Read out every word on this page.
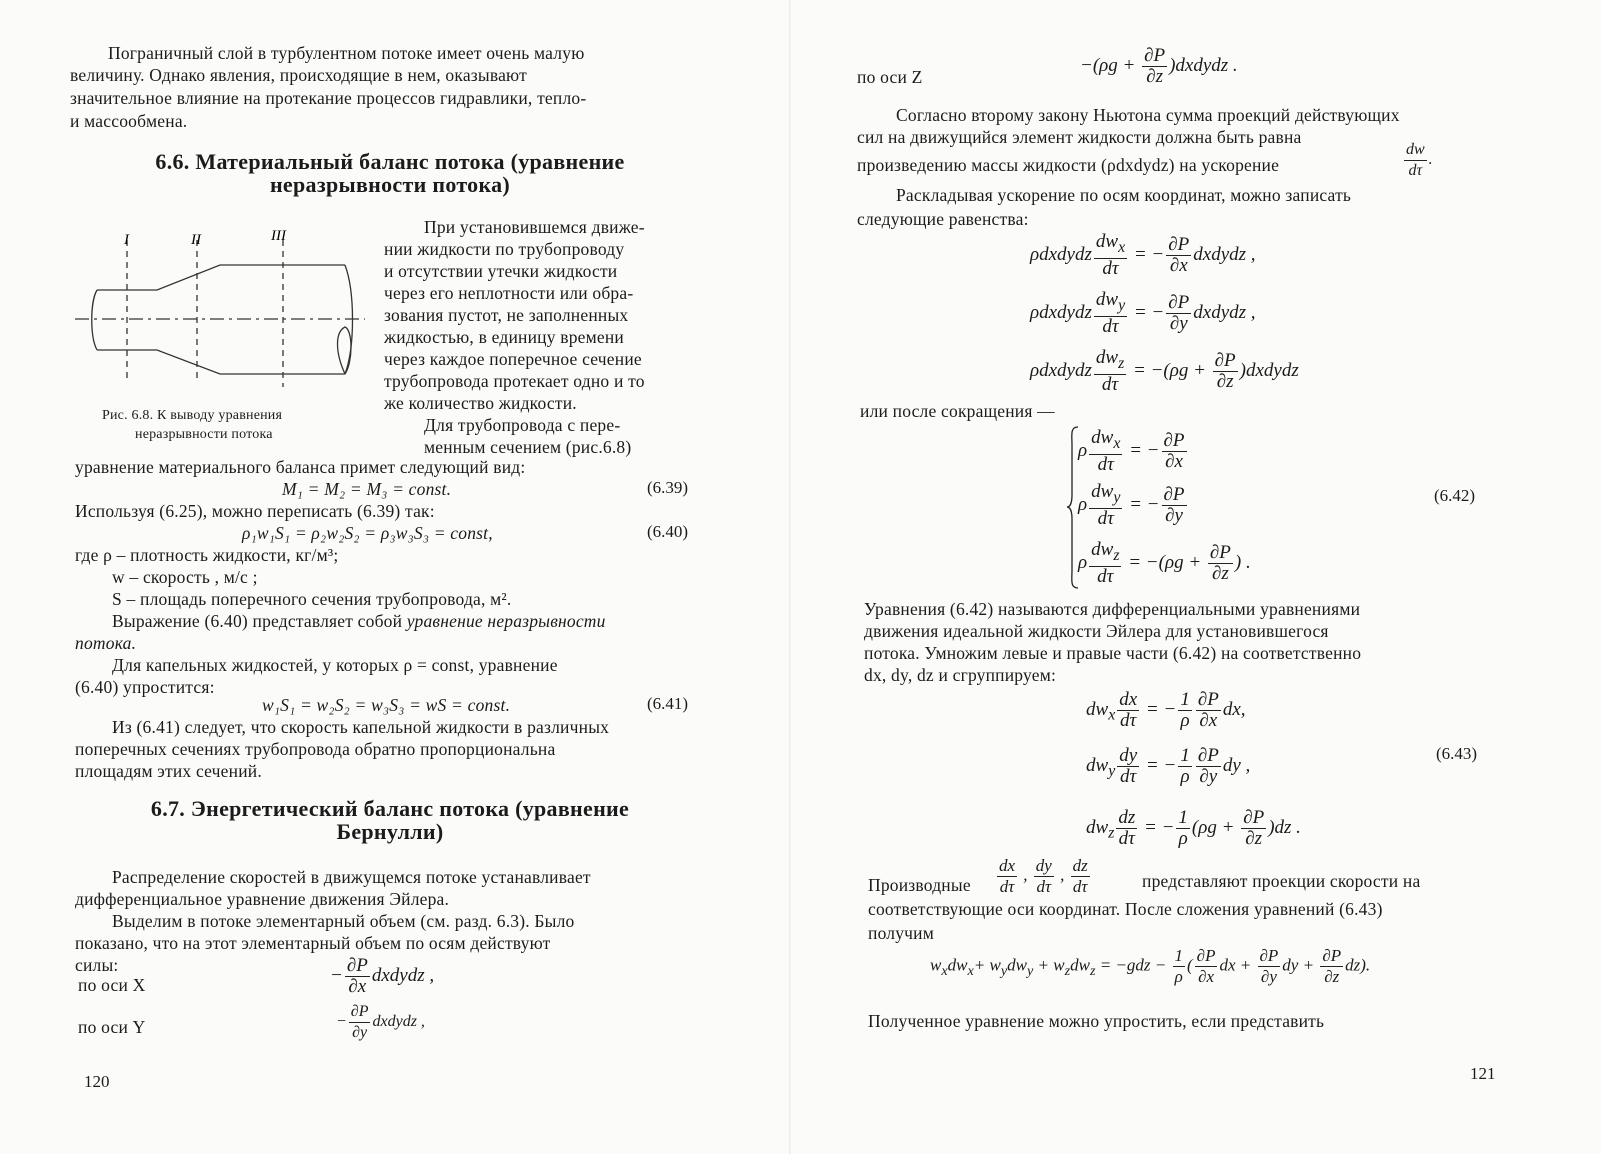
Пограничный слой в турбулентном потоке имеет очень малую
величину. Однако явления, происходящие в нем, оказывают
значительное влияние на протекание процессов гидравлики, тепло-
и массообмена.
6.6. Материальный баланс потока (уравнение
неразрывности потока)
I	II	III
Рис. 6.8. К выводу уравнения
неразрывности потока
При установившемся движе-
нии жидкости по трубопроводу
и отсутствии утечки жидкости
через его неплотности или обра-
зования пустот, не заполненных
жидкостью, в единицу времени
через каждое поперечное сечение
трубопровода протекает одно и то
же количество жидкости.
Для трубопровода с пере-
менным сечением (рис.6.8)
уравнение материального баланса примет следующий вид:
M₁ = M₂ = M₃ = const.	(6.39)
Используя (6.25), можно переписать (6.39) так:
ρ₁w₁S₁ = ρ₂w₂S₂ = ρ₃w₃S₃ = const,	(6.40)
где ρ – плотность жидкости, кг/м³;
w – скорость , м/с ;
S – площадь поперечного сечения трубопровода, м².
Выражение (6.40) представляет собой уравнение неразрывности
потока.
Для капельных жидкостей, у которых ρ = const, уравнение
(6.40) упростится:
w₁S₁ = w₂S₂ = w₃S₃ = wS = const.	(6.41)
Из (6.41) следует, что скорость капельной жидкости в различных
поперечных сечениях трубопровода обратно пропорциональна
площадям этих сечений.
6.7. Энергетический баланс потока (уравнение
Бернулли)
Распределение скоростей в движущемся потоке устанавливает
дифференциальное уравнение движения Эйлера.
Выделим в потоке элементарный объем (см. разд. 6.3). Было
показано, что на этот элементарный объем по осям действуют
силы:
по оси X	− $\frac{\partial P}{\partial x}$ dxdydz ,
по оси Y	− $\frac{\partial P}{\partial y}$ dxdydz ,
120
по оси Z
$-(\rho g + \frac{\partial P}{\partial z}$ )dxdydz .
Согласно второму закону Ньютона сумма проекций действующих
сил на движущийся элемент жидкости должна быть равна
произведению массы жидкости (ρdxdydz) на ускорение	$\frac{dw}{d\tau}$ .
Раскладывая ускорение по осям координат, можно записать
следующие равенства:
ρdxdydz $\frac{dw_x}{d\tau}$ = − $\frac{\partial P}{\partial x}$ dxdydz ,
ρdxdydz $\frac{dw_y}{d\tau}$ = − $\frac{\partial P}{\partial y}$ dxdydz ,
ρdxdydz $\frac{dw_z}{d\tau} = -(\rho g + \frac{\partial P}{\partial z}$ )dxdydz
или после сокращения —
ρ $\frac{dw_x}{d\tau}$ = − $\frac{\partial P}{\partial x}$
ρ $\frac{dw_y}{d\tau}$ = − $\frac{\partial P}{\partial y}$
ρ $\frac{dw_z}{d\tau} = -(\rho g + \frac{\partial P}{\partial z}$ ) .
(6.42)
Уравнения (6.42) называются дифференциальными уравнениями
движения идеальной жидкости Эйлера для установившегося
потока. Умножим левые и правые части (6.42) на соответственно
dx, dy, dz и сгруппируем:
$dw_x \frac{dx}{d\tau}$ = − $\frac{1}{\rho} \frac{\partial P}{\partial x}$ dx,
$dw_y \frac{dy}{d\tau}$ = − $\frac{1}{\rho} \frac{\partial P}{\partial y}$ dy ,
$dw_z \frac{dz}{d\tau}$ = − $\frac{1}{\rho} (\rho g + \frac{\partial P}{\partial z} )dz$ .
(6.43)
Производные $\frac{dx}{d\tau}$ , $\frac{dy}{d\tau}$ , $\frac{dz}{d\tau}$	представляют проекции скорости на
соответствующие оси координат. После сложения уравнений (6.43)
получим
$w_xdw_x+ w_ydw_y + w_zdw_z = -gdz - \frac{1}{\rho}$ ( $\frac{\partial P}{\partial x}$ dx + $\frac{\partial P}{\partial y}$ dy + $\frac{\partial P}{\partial z} dz$).
Полученное уравнение можно упростить, если представить
121
